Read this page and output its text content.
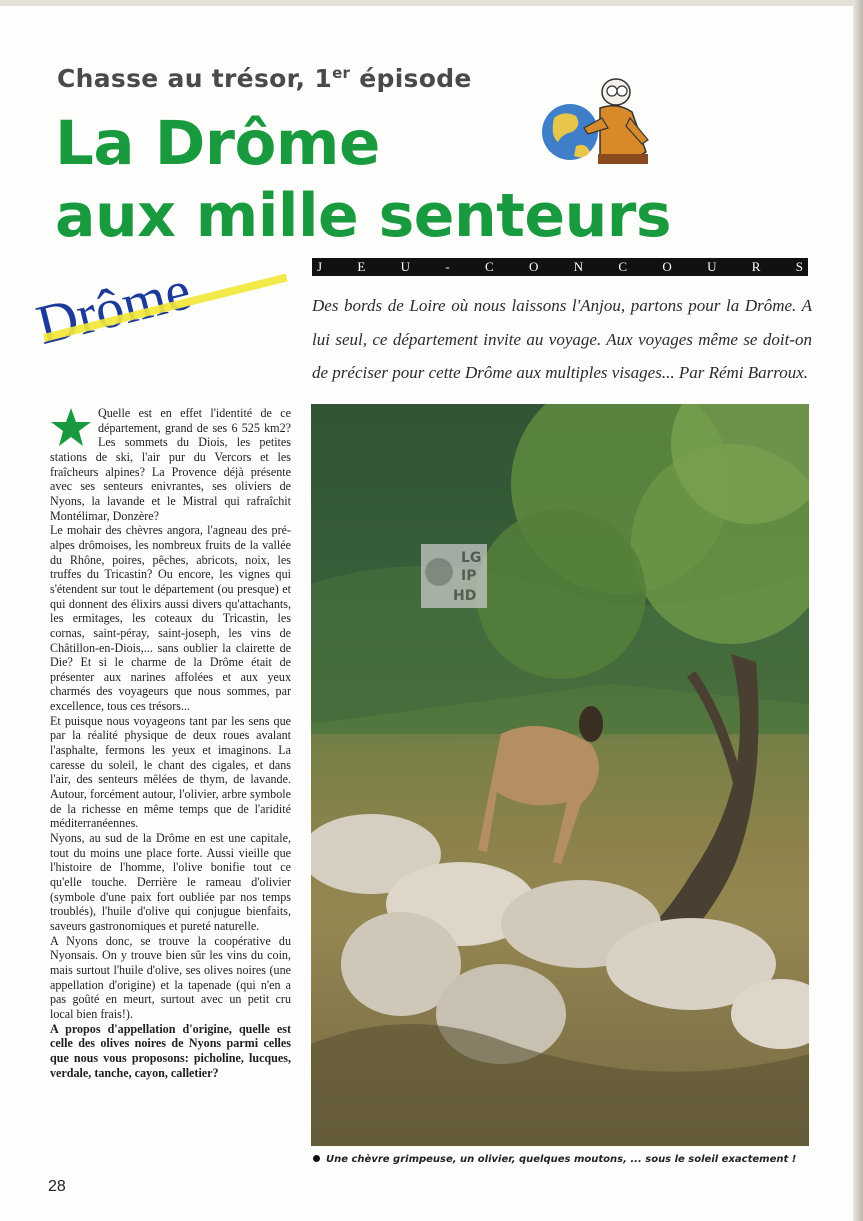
Chasse au trésor, 1er épisode
La Drôme
aux mille senteurs
J	E	U	-	C	O	N	C	O	U	R	S
Drôme	Des bords de Loire où nous laissons l'Anjou, partons pour la Drôme. A lui seul, ce département invite au voyage. Aux voyages même se doit-on de préciser pour cette Drôme aux multiples visages... Par Rémi Barroux.

Quelle est en effet l'identité de ce département, grand de ses 6 525 km2? Les sommets du Diois, les petites stations de ski, l'air pur du Vercors et les fraîcheurs alpines? La Provence déjà présente avec ses senteurs enivrantes, ses oliviers de Nyons, la lavande et le Mistral qui rafraîchit Montélimar, Donzère?

Le mohair des chèvres angora, l'agneau des pré-alpes drômoises, les nombreux fruits de la vallée du Rhône, poires, pêches, abricots, noix, les truffes du Tricastin? Ou encore, les vignes qui s'étendent sur tout le département (ou presque) et qui donnent des élixirs aussi divers qu'attachants, les ermitages, les coteaux du Tricastin, les cornas, saint-péray, saint-joseph, les vins de Châtillon-en-Diois,... sans oublier la clairette de Die? Et si le charme de la Drôme était de présenter aux narines affolées et aux yeux charmés des voyageurs que nous sommes, par excellence, tous ces trésors...

Et puisque nous voyageons tant par les sens que par la réalité physique de deux roues avalant l'asphalte, fermons les yeux et imaginons. La caresse du soleil, le chant des cigales, et dans l'air, des senteurs mêlées de thym, de lavande. Autour, forcément autour, l'olivier, arbre symbole de la richesse en même temps que de l'aridité méditerranéennes.

Nyons, au sud de la Drôme en est une capitale, tout du moins une place forte. Aussi vieille que l'histoire de l'homme, l'olive bonifie tout ce qu'elle touche. Derrière le rameau d'olivier (symbole d'une paix fort oubliée par nos temps troublés), l'huile d'olive qui conjugue bienfaits, saveurs gastronomiques et pureté naturelle.

A Nyons donc, se trouve la coopérative du Nyonsais. On y trouve bien sûr les vins du coin, mais surtout l'huile d'olive, ses olives noires (une appellation d'origine) et la tapenade (qui n'en a pas goûté en meurt, surtout avec un petit cru local bien frais!).

A propos d'appellation d'origine, quelle est celle des olives noires de Nyons parmi celles que nous vous proposons: picholine, lucques, verdale, tanche, cayon, calletier?

LG
IP
HD
Une chèvre grimpeuse, un olivier, quelques moutons, ... sous le soleil exactement !
28
